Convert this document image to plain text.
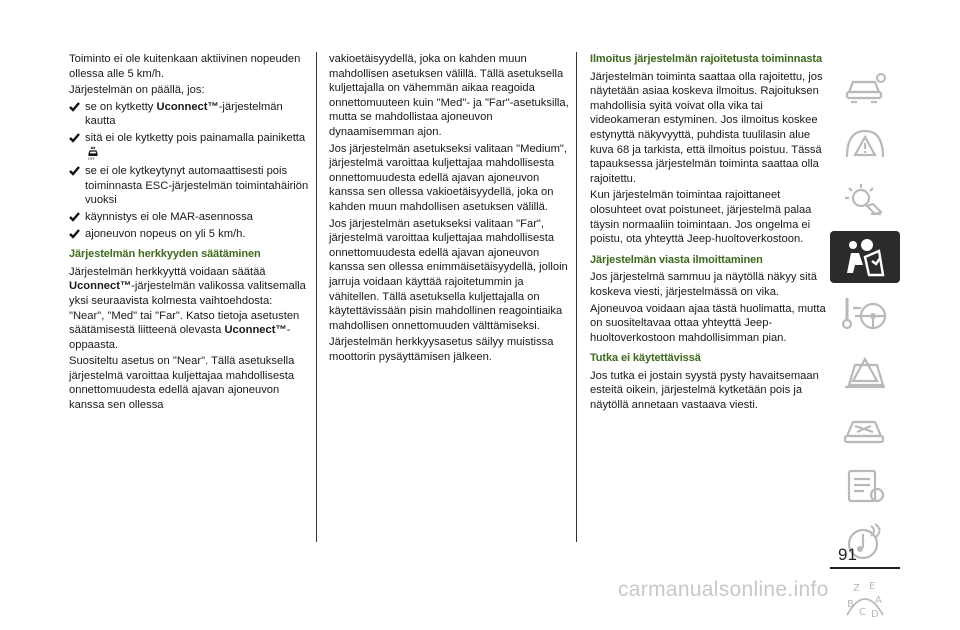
Toiminto ei ole kuitenkaan aktiivinen nopeuden ollessa alle 5 km/h.

Järjestelmän on päällä, jos:

se on kytketty Uconnect™-järjestelmän kautta
sitä ei ole kytketty pois painamalla painiketta
OFF
se ei ole kytkeytynyt automaattisesti pois toiminnasta ESC-järjestelmän toimintahäiriön vuoksi
käynnistys ei ole MAR-asennossa
ajoneuvon nopeus on yli 5 km/h.
Järjestelmän herkkyyden säätäminen

Järjestelmän herkkyyttä voidaan säätää Uconnect™-järjestelmän valikossa valitsemalla yksi seuraavista kolmesta vaihtoehdosta: "Near", "Med" tai "Far". Katso tietoja asetusten säätämisestä liitteenä olevasta Uconnect™-oppaasta.

Suositeltu asetus on "Near". Tällä asetuksella järjestelmä varoittaa kuljettajaa mahdollisesta onnettomuudesta edellä ajavan ajoneuvon kanssa sen ollessa

vakioetäisyydellä, joka on kahden muun mahdollisen asetuksen välillä. Tällä asetuksella kuljettajalla on vähemmän aikaa reagoida onnettomuuteen kuin "Med"- ja "Far"-asetuksilla, mutta se mahdollistaa ajoneuvon dynaamisemman ajon.

Jos järjestelmän asetukseksi valitaan "Medium", järjestelmä varoittaa kuljettajaa mahdollisesta onnettomuudesta edellä ajavan ajoneuvon kanssa sen ollessa vakioetäisyydellä, joka on kahden muun mahdollisen asetuksen välillä.

Jos järjestelmän asetukseksi valitaan "Far", järjestelmä varoittaa kuljettajaa mahdollisesta onnettomuudesta edellä ajavan ajoneuvon kanssa sen ollessa enimmäisetäisyydellä, jolloin jarruja voidaan käyttää rajoitetummin ja vähitellen. Tällä asetuksella kuljettajalla on käytettävissään pisin mahdollinen reagointiaika mahdollisen onnettomuuden välttämiseksi.

Järjestelmän herkkyysasetus säilyy muistissa moottorin pysäyttämisen jälkeen.

Ilmoitus järjestelmän rajoitetusta toiminnasta

Järjestelmän toiminta saattaa olla rajoitettu, jos näytetään asiaa koskeva ilmoitus. Rajoituksen mahdollisia syitä voivat olla vika tai videokameran estyminen. Jos ilmoitus koskee estynyttä näkyvyyttä, puhdista tuulilasin alue kuva 68 ja tarkista, että ilmoitus poistuu. Tässä tapauksessa järjestelmän toiminta saattaa olla rajoitettu.

Kun järjestelmän toimintaa rajoittaneet olosuhteet ovat poistuneet, järjestelmä palaa täysin normaaliin toimintaan. Jos ongelma ei poistu, ota yhteyttä Jeep-huoltoverkostoon.

Järjestelmän viasta ilmoittaminen

Jos järjestelmä sammuu ja näytöllä näkyy sitä koskeva viesti, järjestelmässä on vika.

Ajoneuvoa voidaan ajaa tästä huolimatta, mutta on suositeltavaa ottaa yhteyttä Jeep-huoltoverkostoon mahdollisimman pian.

Tutka ei käytettävissä

Jos tutka ei jostain syystä pysty havaitsemaan esteitä oikein, järjestelmä kytketään pois ja näytöllä annetaan vastaava viesti.

Z E
A
B
C D
91
carmanualsonline.info
